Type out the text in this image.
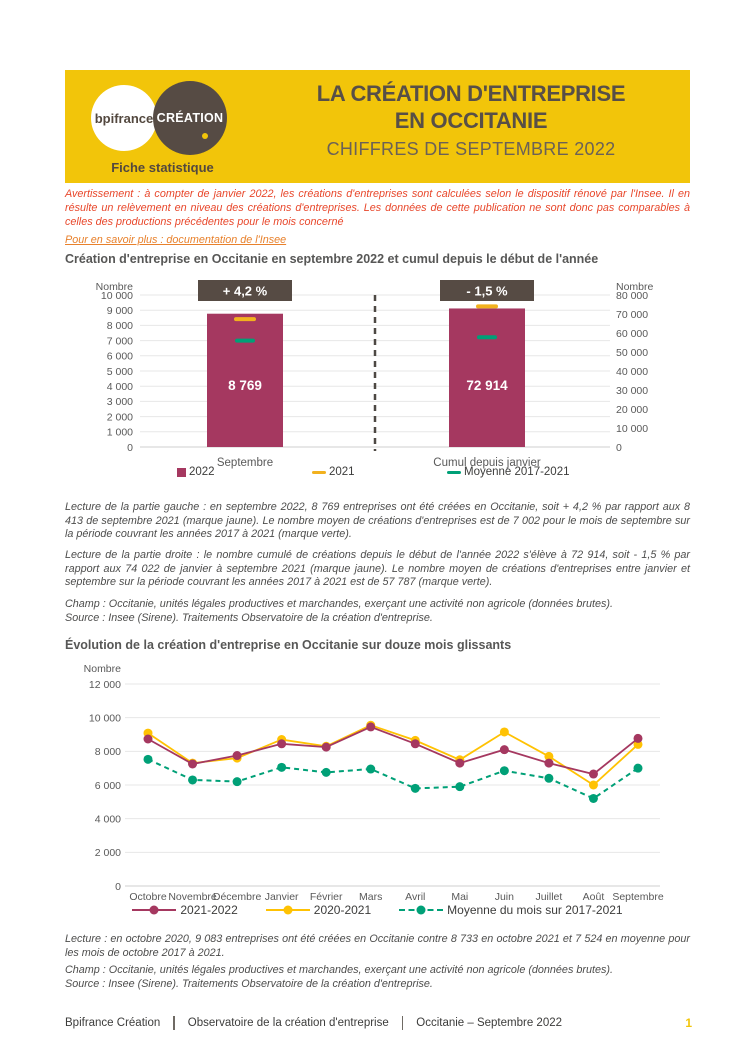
bpifrance CRÉATION
Fiche statistique
LA CRÉATION D'ENTREPRISE
EN OCCITANIE
CHIFFRES DE SEPTEMBRE 2022
Avertissement : à compter de janvier 2022, les créations d'entreprises sont calculées selon le dispositif rénové par l'Insee. Il en résulte un relèvement en niveau des créations d'entreprises. Les données de cette publication ne sont donc pas comparables à celles des productions précédentes pour le mois concerné
Pour en savoir plus : documentation de l'Insee
Création d'entreprise en Occitanie en septembre 2022 et cumul depuis le début de l'année
Nombre	Nombre
10 000
9 000
8 000
7 000
6 000
5 000
4 000
3 000
2 000
1 000
0
80 000
70 000
60 000
50 000
40 000
30 000
20 000
10 000
0
8 769
+ 4,2 %
Septembre
72 914
- 1,5 %
Cumul depuis janvier
2022	2021	Moyenne 2017-2021
Lecture de la partie gauche : en septembre 2022, 8 769 entreprises ont été créées en Occitanie, soit + 4,2 % par rapport aux 8 413 de septembre 2021 (marque jaune). Le nombre moyen de créations d'entreprises est de 7 002 pour le mois de septembre sur la période couvrant les années 2017 à 2021 (marque verte).
Lecture de la partie droite : le nombre cumulé de créations depuis le début de l'année 2022 s'élève à 72 914, soit - 1,5 % par rapport aux 74 022 de janvier à septembre 2021 (marque jaune). Le nombre moyen de créations d'entreprises entre janvier et septembre sur la période couvrant les années 2017 à 2021 est de 57 787 (marque verte).
Champ : Occitanie, unités légales productives et marchandes, exerçant une activité non agricole (données brutes).
Source : Insee (Sirene). Traitements Observatoire de la création d'entreprise.
Évolution de la création d'entreprise en Occitanie sur douze mois glissants
Nombre
12 000
10 000
8 000
6 000
4 000
2 000
0
Octobre Novembre
Décembre Janvier Février Mars Avril Mai	Juin Juillet Août Septembre
2021-2022	2020-2021	Moyenne du mois sur 2017-2021
Lecture : en octobre 2020, 9 083 entreprises ont été créées en Occitanie contre 8 733 en octobre 2021 et 7 524 en moyenne pour les mois de octobre 2017 à 2021.
Champ : Occitanie, unités légales productives et marchandes, exerçant une activité non agricole (données brutes).
Source : Insee (Sirene). Traitements Observatoire de la création d'entreprise.
Bpifrance Création Observatoire de la création d'entreprise Occitanie – Septembre 2022	1
